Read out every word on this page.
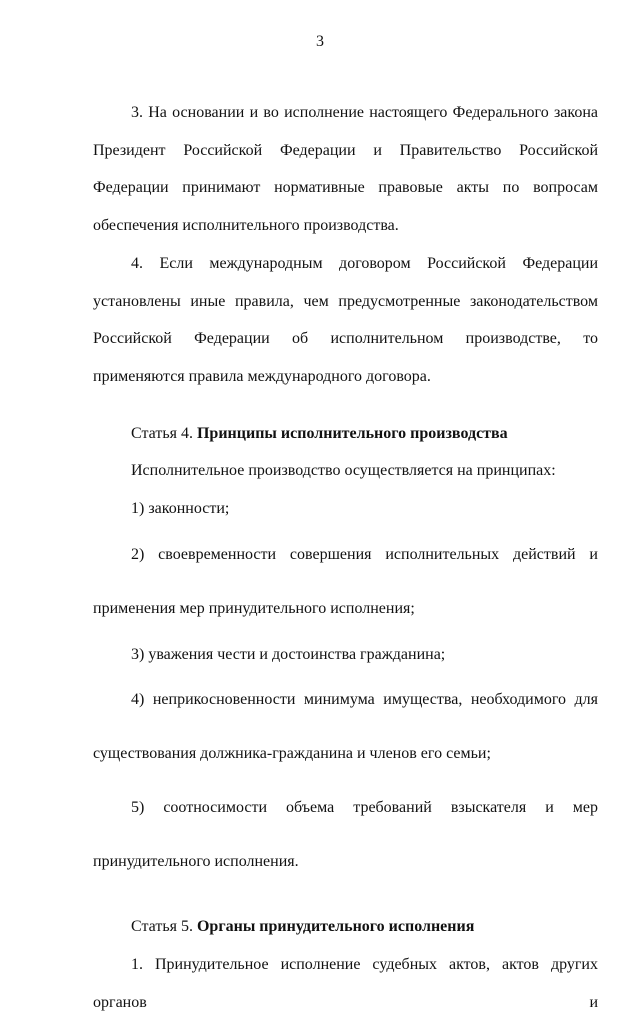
3

3. На основании и во исполнение настоящего Федерального закона Президент Российской Федерации и Правительство Российской Федерации принимают нормативные правовые акты по вопросам обеспечения исполнительного производства.

4. Если международным договором Российской Федерации установлены иные правила, чем предусмотренные законодательством Российской Федерации об исполнительном производстве, то применяются правила международного договора.

Статья 4. Принципы исполнительного производства

Исполнительное производство осуществляется на принципах:

1) законности;

2) своевременности совершения исполнительных действий и применения мер принудительного исполнения;

3) уважения чести и достоинства гражданина;

4) неприкосновенности минимума имущества, необходимого для существования должника-гражданина и членов его семьи;

5) соотносимости объема требований взыскателя и мер принудительного исполнения.

Статья 5. Органы принудительного исполнения

1. Принудительное исполнение судебных актов, актов других органов и
